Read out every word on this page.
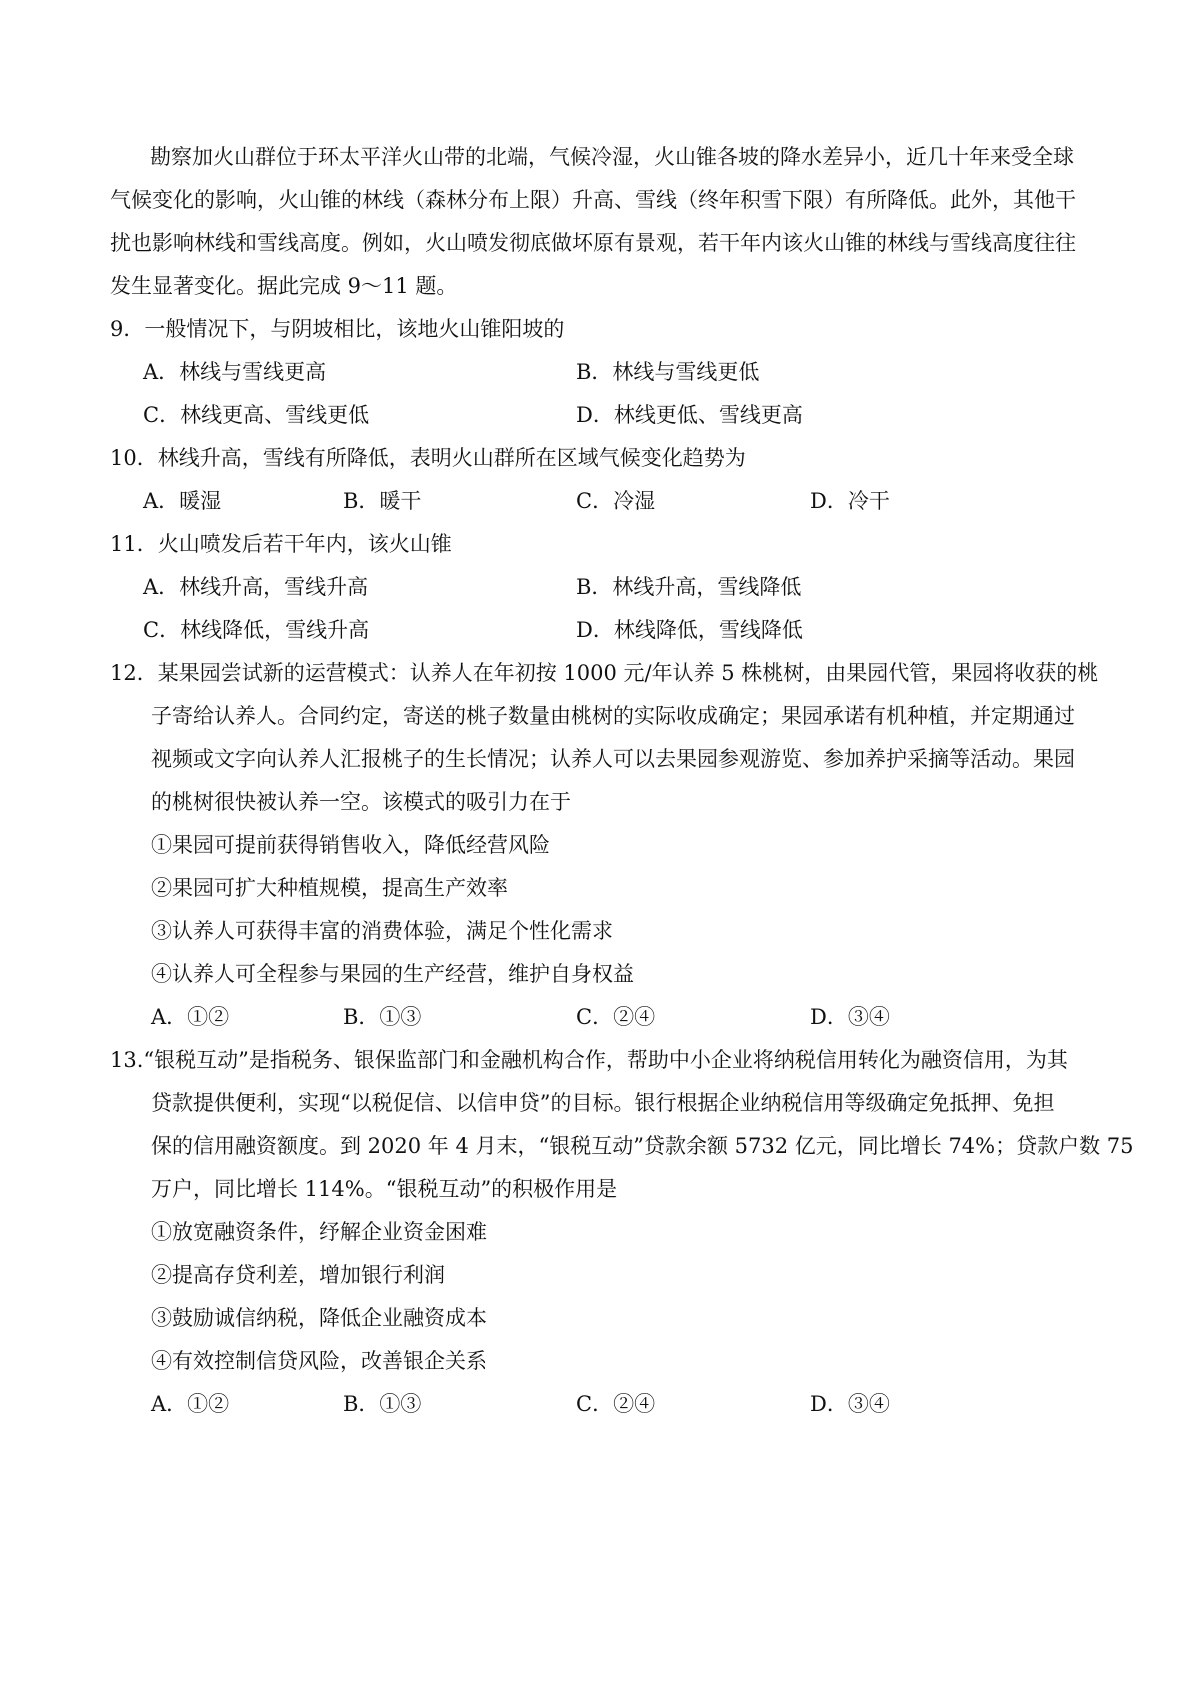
勘察加火山群位于环太平洋火山带的北端，气候冷湿，火山锥各坡的降水差异小，近几十年来受全球
气候变化的影响，火山锥的林线（森林分布上限）升高、雪线（终年积雪下限）有所降低。此外，其他干
扰也影响林线和雪线高度。例如，火山喷发彻底做坏原有景观，若干年内该火山锥的林线与雪线高度往往
发生显著变化。据此完成 9～11 题。
9．一般情况下，与阴坡相比，该地火山锥阳坡的
A．林线与雪线更高	B．林线与雪线更低
C．林线更高、雪线更低	D．林线更低、雪线更高
10．林线升高，雪线有所降低，表明火山群所在区域气候变化趋势为
A．暖湿	B．暖干	C．冷湿	D．冷干
11．火山喷发后若干年内，该火山锥
A．林线升高，雪线升高	B．林线升高，雪线降低
C．林线降低，雪线升高	D．林线降低，雪线降低
12．某果园尝试新的运营模式：认养人在年初按 1000 元/年认养 5 株桃树，由果园代管，果园将收获的桃
子寄给认养人。合同约定，寄送的桃子数量由桃树的实际收成确定；果园承诺有机种植，并定期通过
视频或文字向认养人汇报桃子的生长情况；认养人可以去果园参观游览、参加养护采摘等活动。果园
的桃树很快被认养一空。该模式的吸引力在于
①果园可提前获得销售收入，降低经营风险
②果园可扩大种植规模，提高生产效率
③认养人可获得丰富的消费体验，满足个性化需求
④认养人可全程参与果园的生产经营，维护自身权益
A．①②	B．①③	C．②④	D．③④
13.“银税互动”是指税务、银保监部门和金融机构合作，帮助中小企业将纳税信用转化为融资信用，为其
贷款提供便利，实现“以税促信、以信申贷”的目标。银行根据企业纳税信用等级确定免抵押、免担
保的信用融资额度。到 2020 年 4 月末，“银税互动”贷款余额 5732 亿元，同比增长 74%；贷款户数 75
万户，同比增长 114%。“银税互动”的积极作用是
①放宽融资条件，纾解企业资金困难
②提高存贷利差，增加银行利润
③鼓励诚信纳税，降低企业融资成本
④有效控制信贷风险，改善银企关系
A．①②	B．①③	C．②④	D．③④
